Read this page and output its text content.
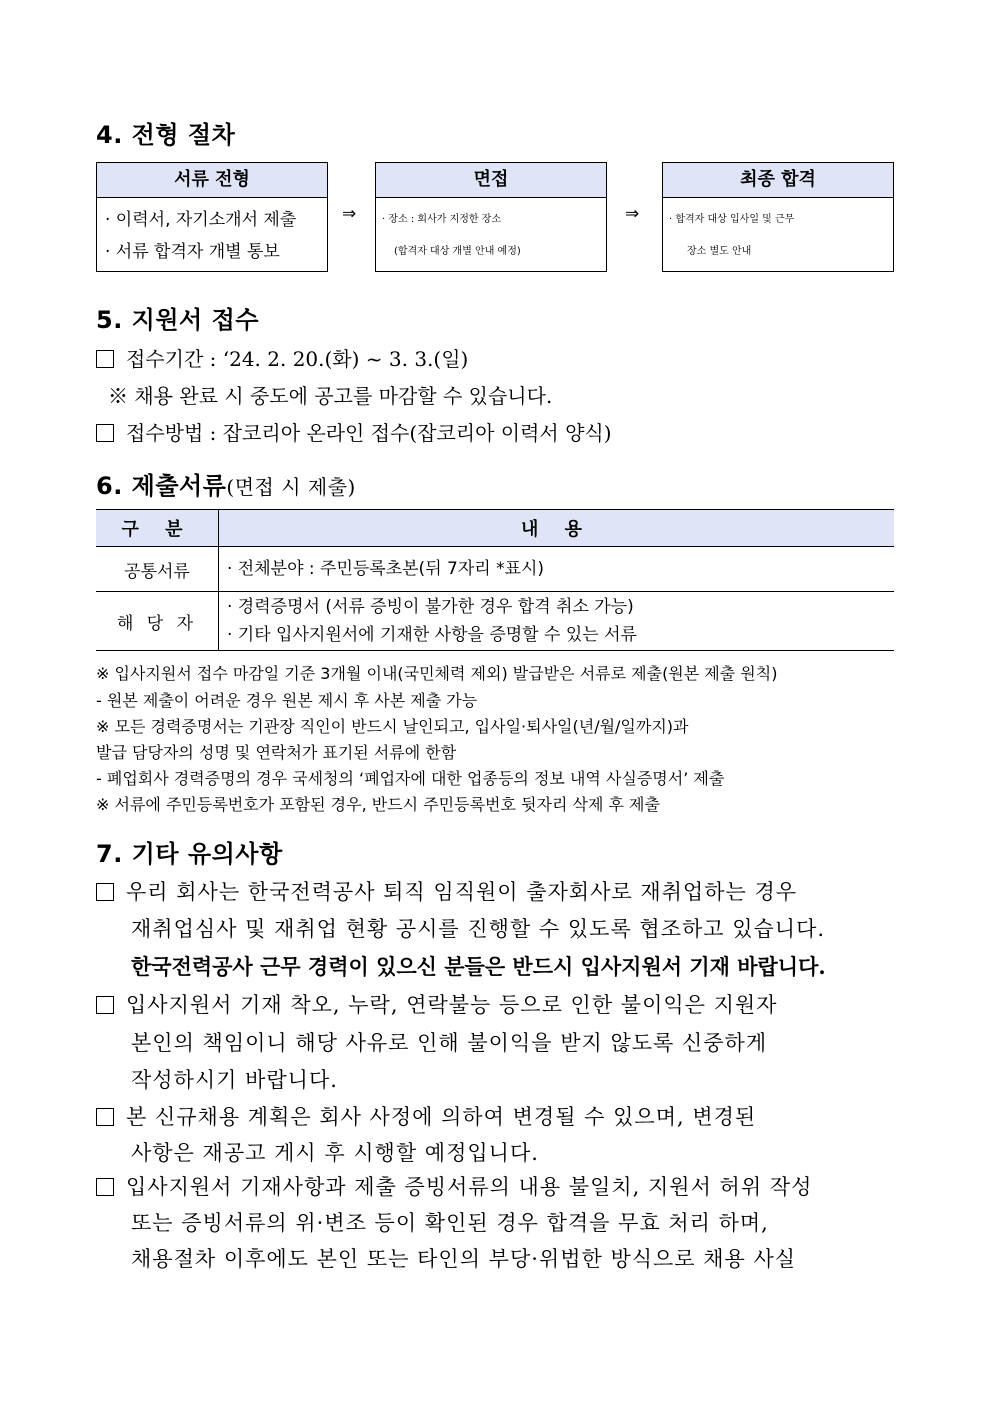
4. 전형 절차
서류 전형
· 이력서, 자기소개서 제출
· 서류 합격자 개별 통보
⇒
면접
· 장소 : 회사가 지정한 장소
(합격자 대상 개별 안내 예정)
⇒
최종 합격
· 합격자 대상 입사일 및 근무
장소 별도 안내
5. 지원서 접수
접수기간 : ‘24. 2. 20.(화) ~ 3. 3.(일)
※ 채용 완료 시 중도에 공고를 마감할 수 있습니다.
접수방법 : 잡코리아 온라인 접수(잡코리아 이력서 양식)
6. 제출서류(면접 시 제출)
구 분	내 용
공통서류	· 전체분야 : 주민등록초본(뒤 7자리 *표시)
해 당 자	· 경력증명서 (서류 증빙이 불가한 경우 합격 취소 가능)
· 기타 입사지원서에 기재한 사항을 증명할 수 있는 서류
※ 입사지원서 접수 마감일 기준 3개월 이내(국민체력 제외) 발급받은 서류로 제출(원본 제출 원칙)
- 원본 제출이 어려운 경우 원본 제시 후 사본 제출 가능
※ 모든 경력증명서는 기관장 직인이 반드시 날인되고, 입사일·퇴사일(년/월/일까지)과
발급 담당자의 성명 및 연락처가 표기된 서류에 한함
- 폐업회사 경력증명의 경우 국세청의 ‘폐업자에 대한 업종등의 정보 내역 사실증명서’ 제출
※ 서류에 주민등록번호가 포함된 경우, 반드시 주민등록번호 뒷자리 삭제 후 제출
7. 기타 유의사항
우리 회사는 한국전력공사 퇴직 임직원이 출자회사로 재취업하는 경우
재취업심사 및 재취업 현황 공시를 진행할 수 있도록 협조하고 있습니다.
한국전력공사 근무 경력이 있으신 분들은 반드시 입사지원서 기재 바랍니다.
입사지원서 기재 착오, 누락, 연락불능 등으로 인한 불이익은 지원자
본인의 책임이니 해당 사유로 인해 불이익을 받지 않도록 신중하게
작성하시기 바랍니다.
본 신규채용 계획은 회사 사정에 의하여 변경될 수 있으며, 변경된
사항은 재공고 게시 후 시행할 예정입니다.
입사지원서 기재사항과 제출 증빙서류의 내용 불일치, 지원서 허위 작성
또는 증빙서류의 위·변조 등이 확인된 경우 합격을 무효 처리 하며,
채용절차 이후에도 본인 또는 타인의 부당·위법한 방식으로 채용 사실
